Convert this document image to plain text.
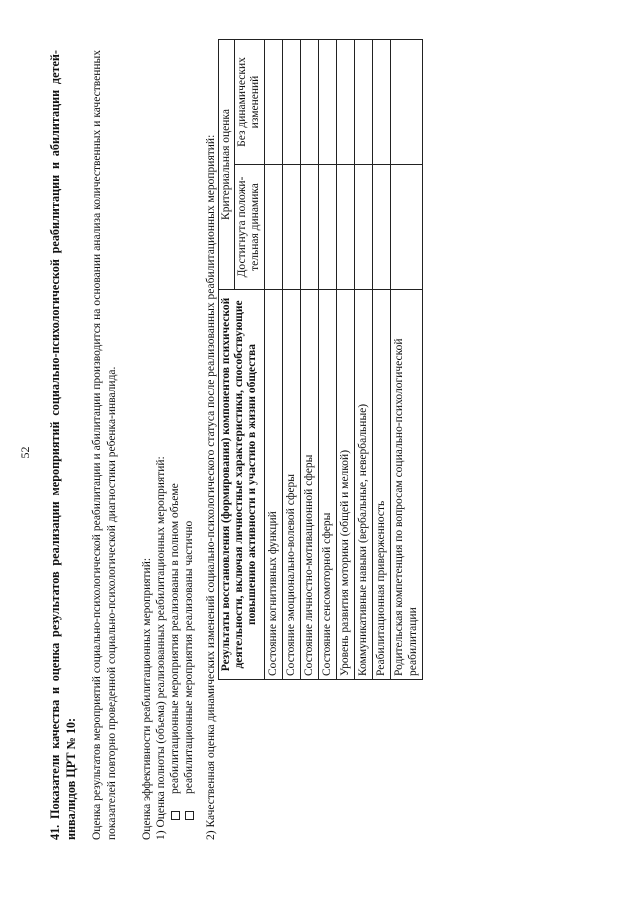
52 41. Показатели качества и оценка результатов реализации мероприятий социально-психологической реабилитации и абилитации детей-инвалидов ЦРТ № 10: Оценка результатов мероприятий социально-психологической реабилитации и абилитации производится на основании анализа количественных и качественных показателей повторно проведенной социально-психологической диагностики ребенка-инвалида. Оценка эффективности реабилитационных мероприятий: 1) Оценка полноты (объема) реализованных реабилитационных мероприятий: реабилитационные мероприятия реализованы в полном объеме реабилитационные мероприятия реализованы частично 2) Качественная оценка динамических изменений социально-психологического статуса после реализованных реабилитационных мероприятий: Результаты восстановления (формирования) компонентов психической деятельности, включая личностные характеристики, способствующие повышению активности и участию в жизни общества	Критериальная оценка	
	Достигнута положи-тельная динамика	Без динамических изменений
Состояние когнитивных функций		
Состояние эмоционально-волевой сферы		
Состояние личностно-мотивационной сферы		
Состояние сенсомоторной сферы		
Уровень развития моторики (общей и мелкой)		
Коммуникативные навыки (вербальные, невербальные)		
Реабилитационная приверженность		
Родительская компетенция по вопросам социально-психологической реабилитации		
